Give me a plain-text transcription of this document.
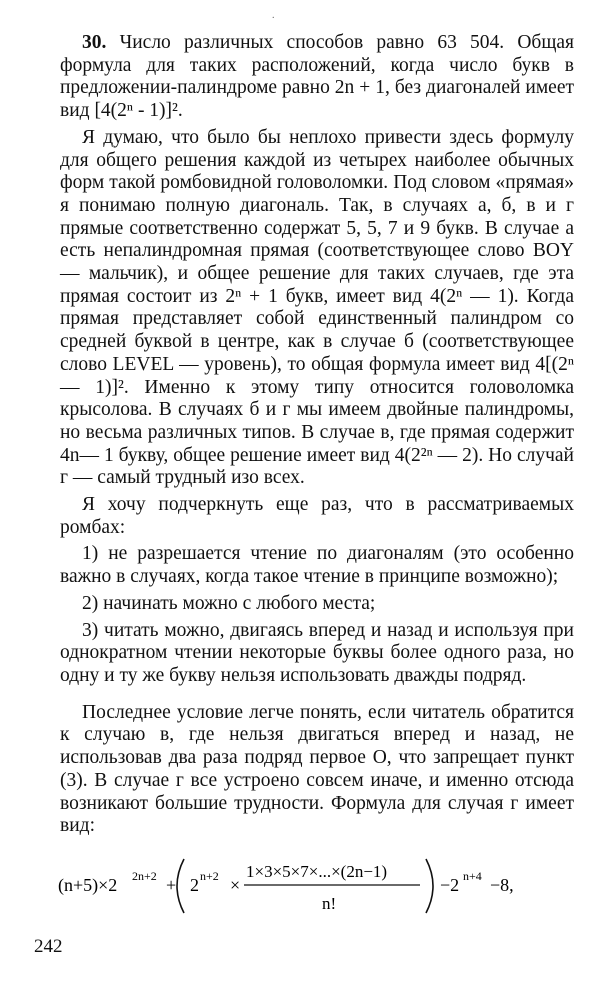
.

30. Число различных способов равно 63 504. Общая формула для таких расположений, когда число букв в предложении-палиндроме равно 2n + 1, без диагоналей имеет вид [4(2ⁿ - 1)]².

Я думаю, что было бы неплохо привести здесь формулу для общего решения каждой из четырех наиболее обычных форм такой ромбовидной головоломки. Под словом «прямая» я понимаю полную диагональ. Так, в случаях а, б, в и г прямые соответственно содержат 5, 5, 7 и 9 букв. В случае а есть непалиндромная прямая (соответствующее слово BOY — мальчик), и общее решение для таких случаев, где эта прямая состоит из 2ⁿ + 1 букв, имеет вид 4(2ⁿ — 1). Когда прямая представляет собой единственный палиндром со средней буквой в центре, как в случае б (соответствующее слово LEVEL — уровень), то общая формула имеет вид 4[(2ⁿ — 1)]². Именно к этому типу относится головоломка крысолова. В случаях б и г мы имеем двойные палиндромы, но весьма различных типов. В случае в, где прямая содержит 4n— 1 букву, общее решение имеет вид 4(2²ⁿ — 2). Но случай г — самый трудный изо всех.

Я хочу подчеркнуть еще раз, что в рассматриваемых ромбах:

1) не разрешается чтение по диагоналям (это особенно важно в случаях, когда такое чтение в принципе возможно);

2) начинать можно с любого места;

3) читать можно, двигаясь вперед и назад и используя при однократном чтении некоторые буквы более одного раза, но одну и ту же букву нельзя использовать дважды подряд.

Последнее условие легче понять, если читатель обратится к случаю в, где нельзя двигаться вперед и назад, не использовав два раза подряд первое O, что запрещает пункт (3). В случае г все устроено совсем иначе, и именно отсюда возникают большие трудности. Формула для случая г имеет вид:

(n+5)×2 2n+2 + 2 n+2 ×
1×3×5×7×...×(2n−1)
n!
−2 n+4 −8,
242
